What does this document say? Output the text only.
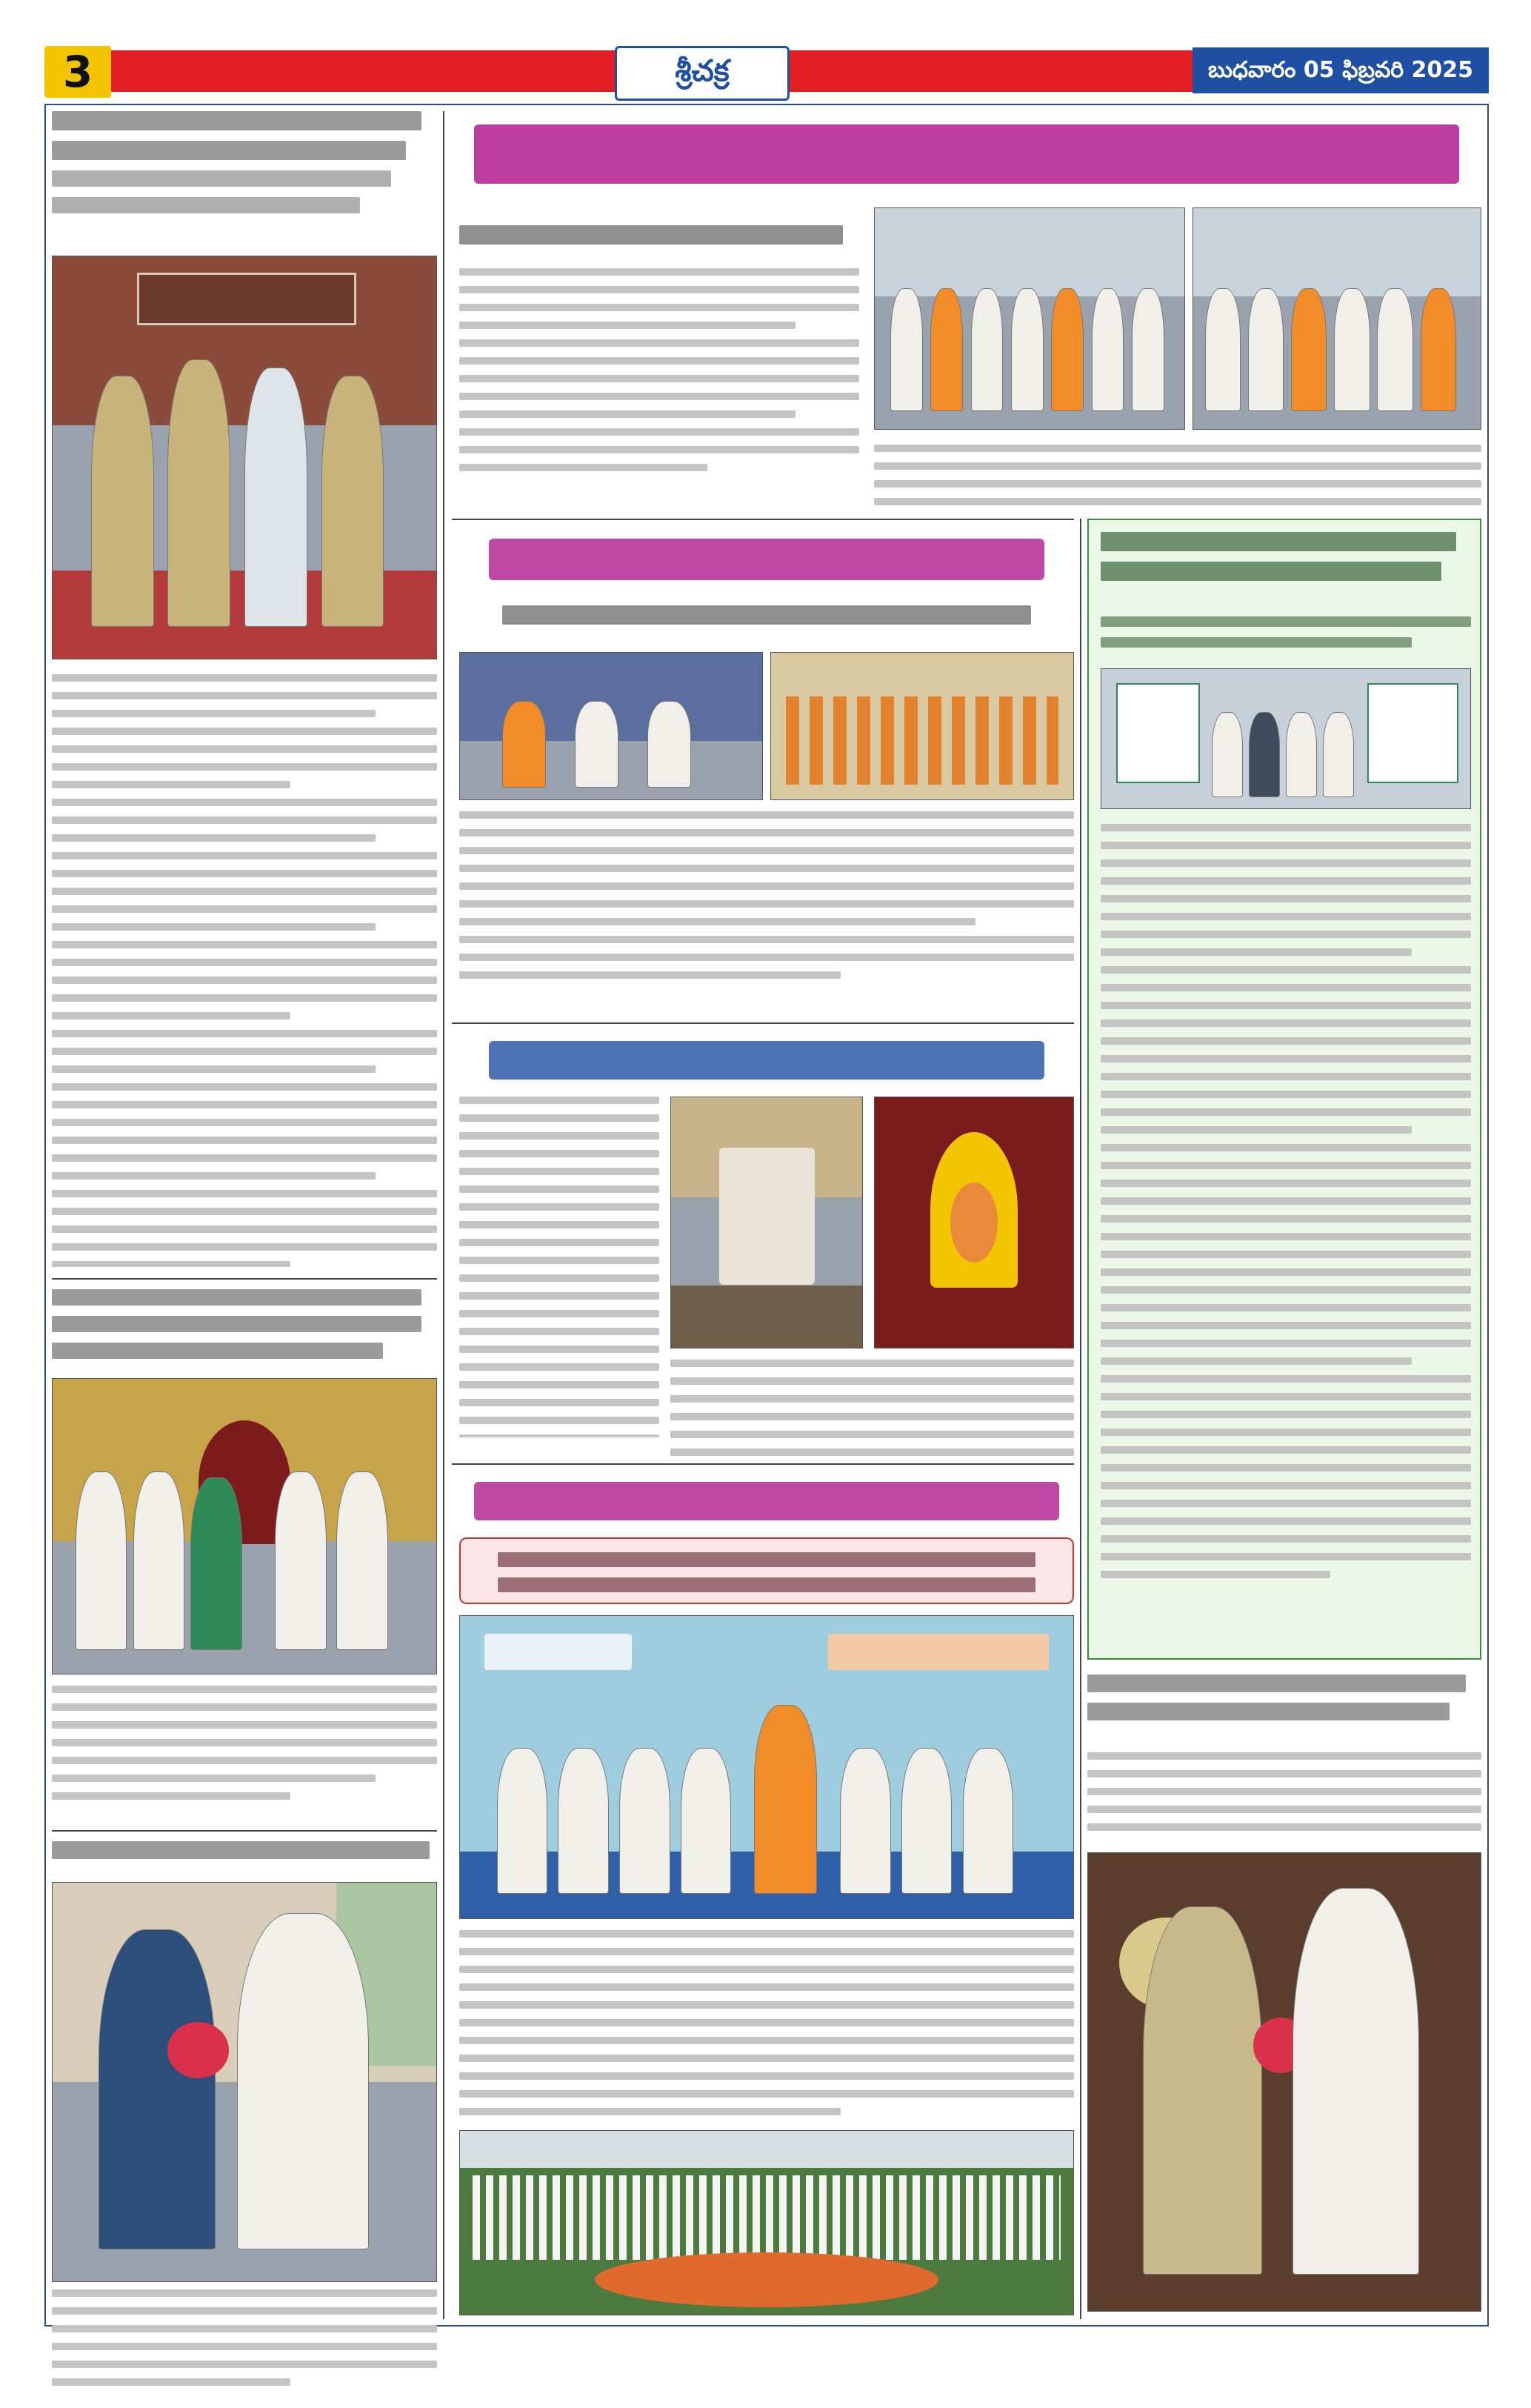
3	శ్రీచక్ర	బుధవారం 05 ఫిబ్రవరి 2025
